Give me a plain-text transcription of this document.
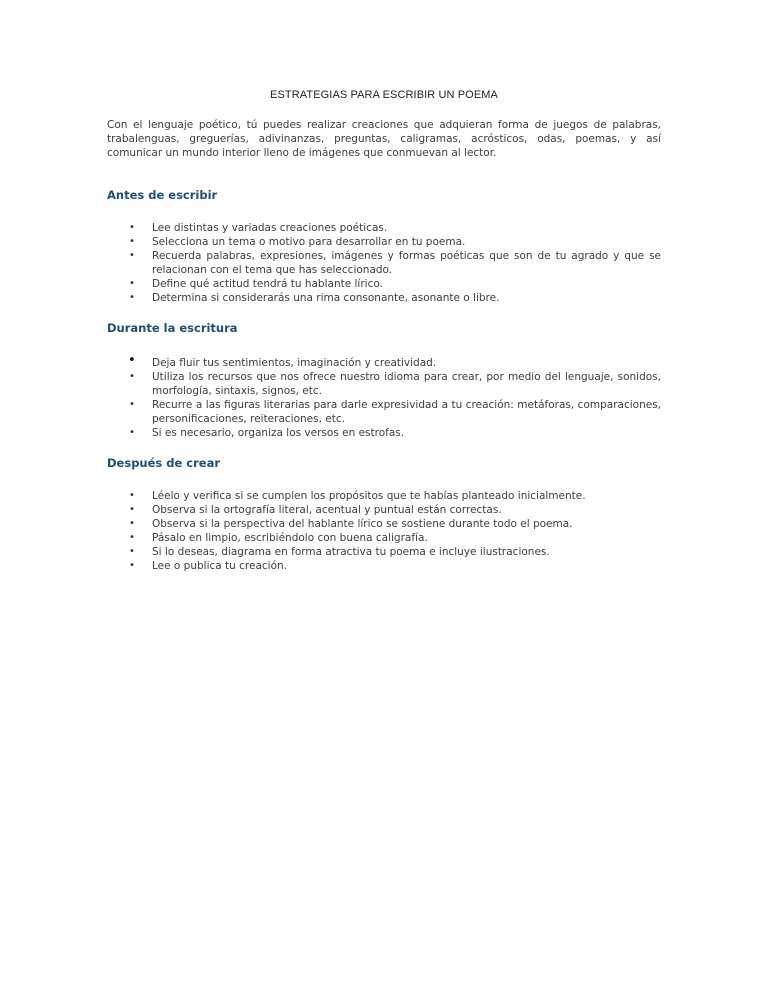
ESTRATEGIAS PARA ESCRIBIR UN POEMA
Con el lenguaje poético, tú puedes realizar creaciones que adquieran forma de juegos de palabras, trabalenguas, greguerías, adivinanzas, preguntas, caligramas, acrósticos, odas, poemas, y así comunicar un mundo interior lleno de imágenes que conmuevan al lector.
Antes de escribir
• Lee distintas y variadas creaciones poéticas.
• Selecciona un tema o motivo para desarrollar en tu poema.
• Recuerda palabras, expresiones, imágenes y formas poéticas que son de tu agrado y que se relacionan con el tema que has seleccionado.
• Define qué actitud tendrá tu hablante lírico.
• Determina si considerarás una rima consonante, asonante o libre.
Durante la escritura
• Deja fluir tus sentimientos, imaginación y creatividad.
• Utiliza los recursos que nos ofrece nuestro idioma para crear, por medio del lenguaje, sonidos, morfología, sintaxis, signos, etc.
• Recurre a las figuras literarias para darle expresividad a tu creación: metáforas, comparaciones, personificaciones, reiteraciones, etc.
• Si es necesario, organiza los versos en estrofas.
Después de crear
• Léelo y verifica si se cumplen los propósitos que te habías planteado inicialmente.
• Observa si la ortografía literal, acentual y puntual están correctas.
• Observa si la perspectiva del hablante lírico se sostiene durante todo el poema.
• Pásalo en limpio, escribiéndolo con buena caligrafía.
• Si lo deseas, diagrama en forma atractiva tu poema e incluye ilustraciones.
• Lee o publica tu creación.
